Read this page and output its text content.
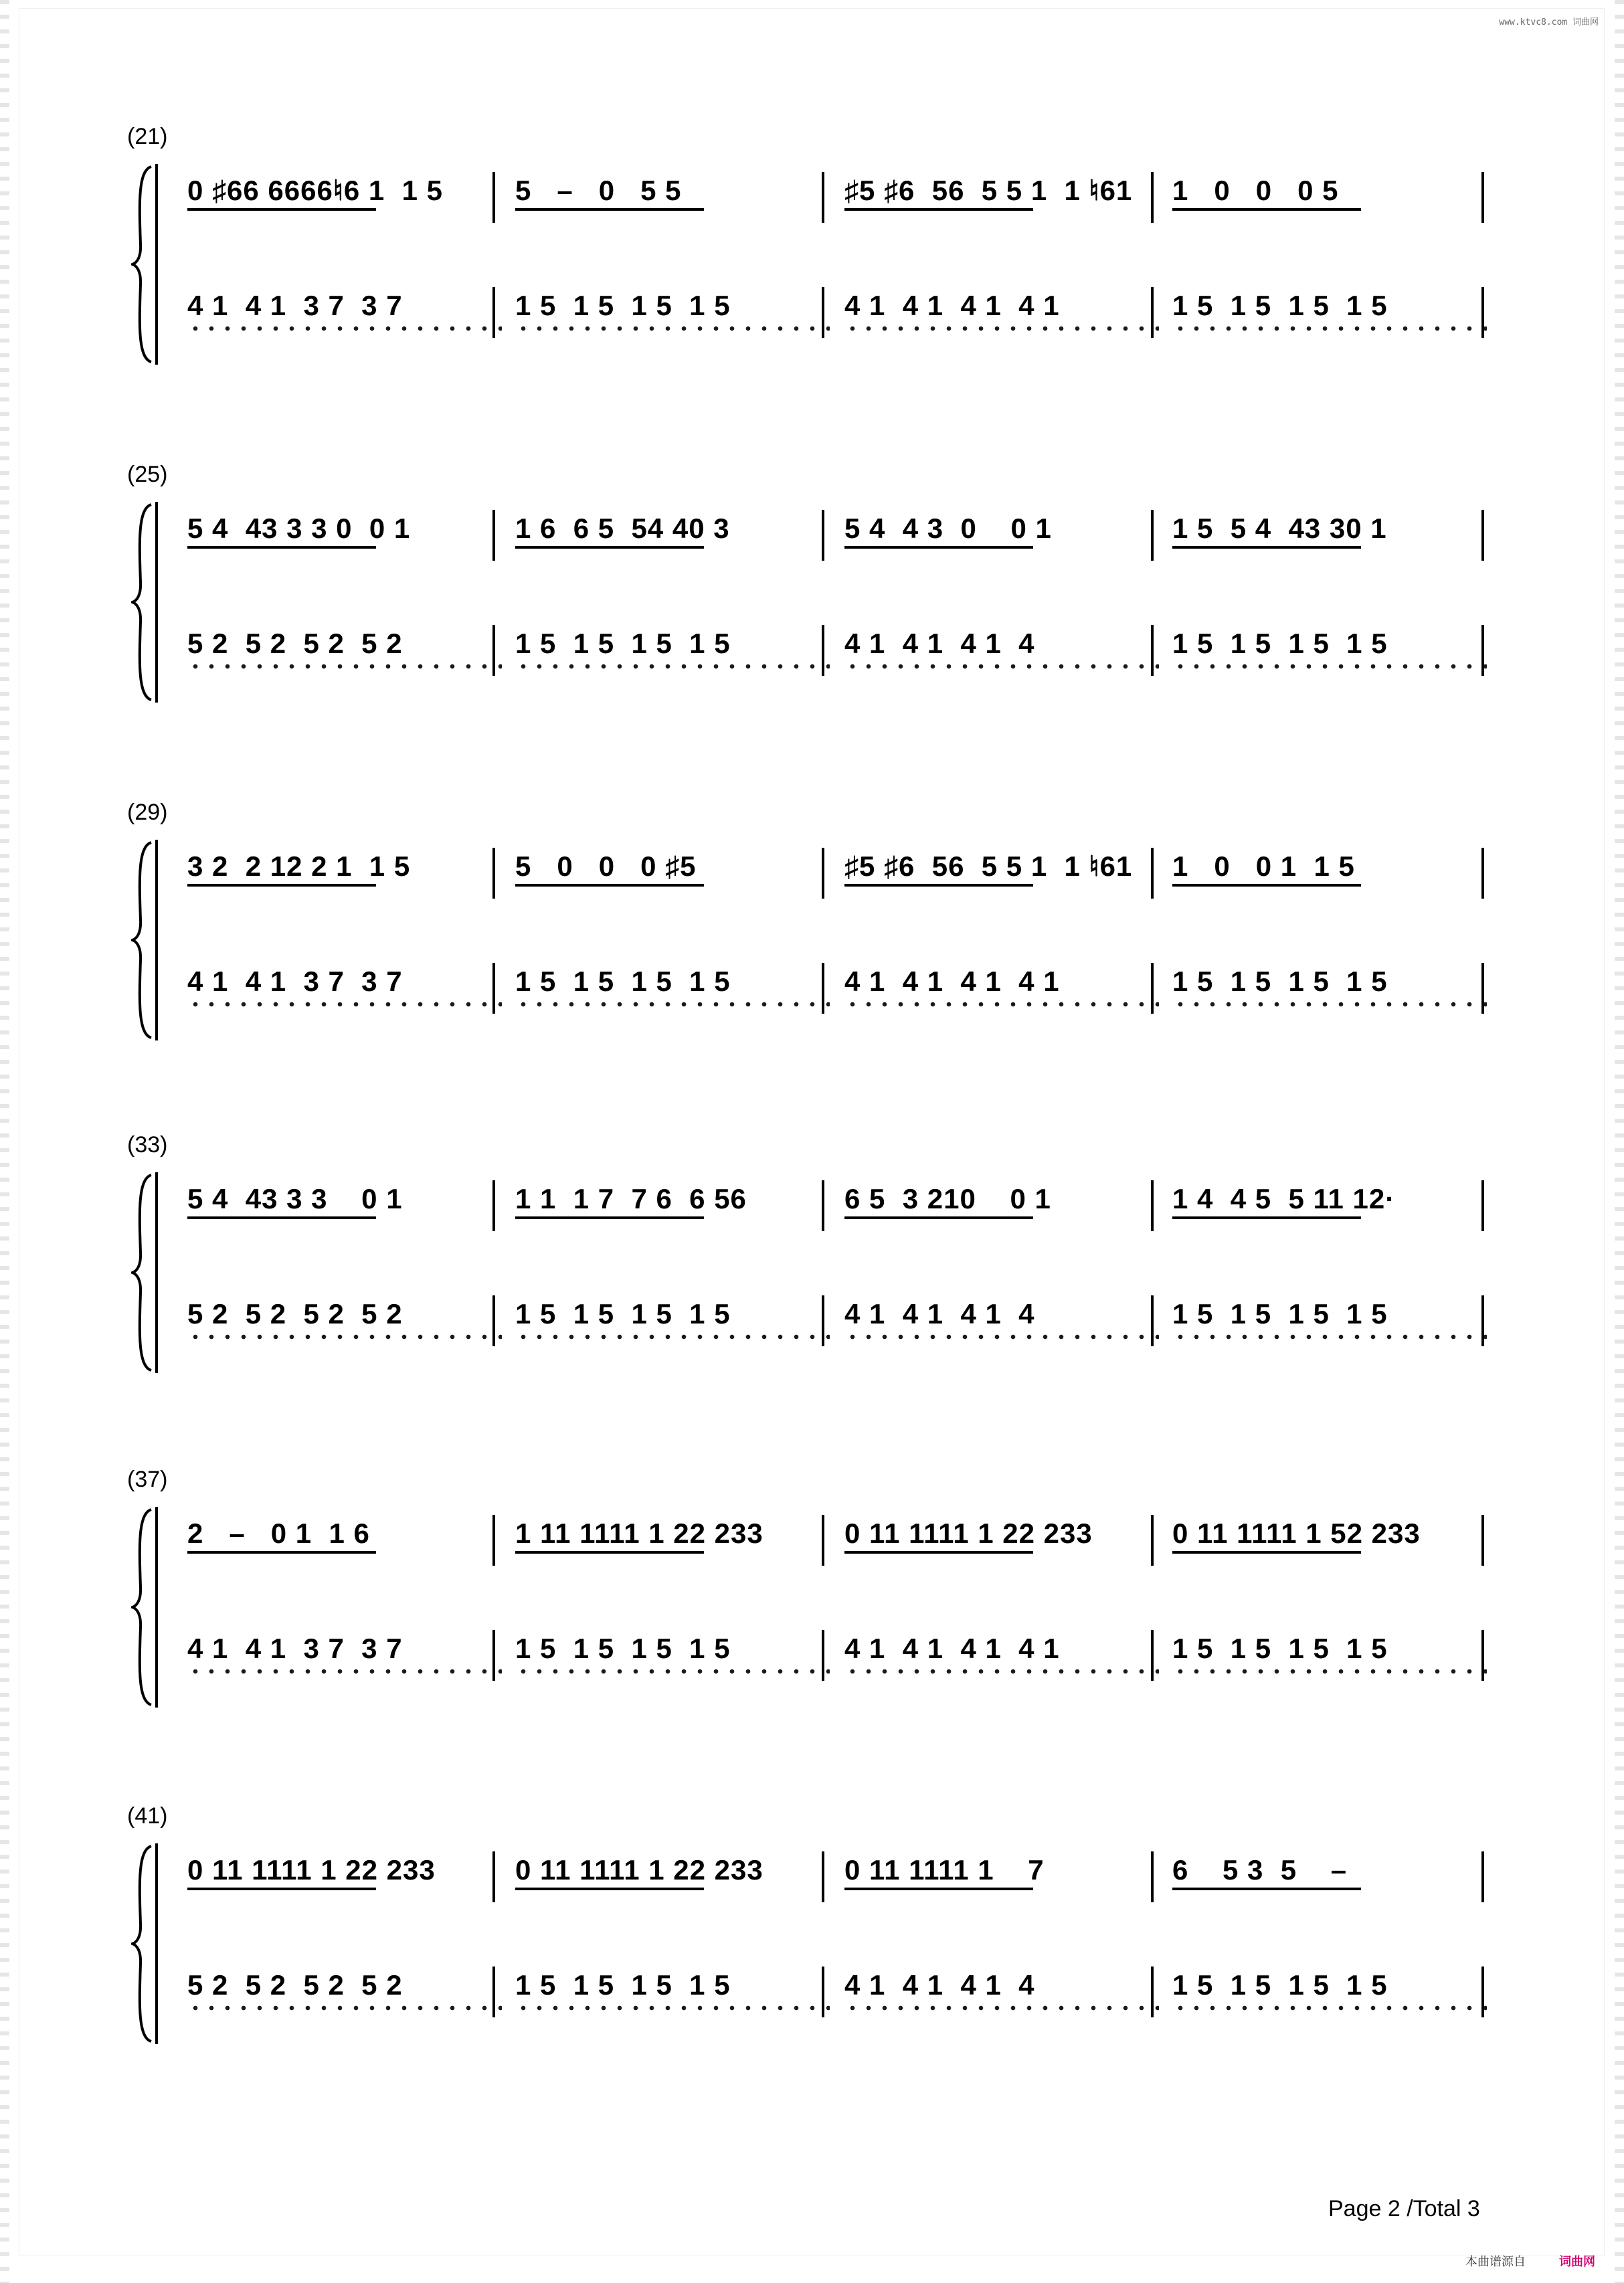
www.ktvc8.com 词曲网
(21)
0 ♯66 6666♮6 1  1 5	5   –   0   5 5	♯5 ♯6  56  5 5 1  1 ♮61	1   0   0   0 5
4 1  4 1  3 7  3 7	1 5  1 5  1 5  1 5	4 1  4 1  4 1  4 1	1 5  1 5  1 5  1 5
(25)
5 4  43 3 3 0  0 1	1 6  6 5  54 40 3	5 4  4 3  0    0 1	1 5  5 4  43 30 1
5 2  5 2  5 2  5 2	1 5  1 5  1 5  1 5	4 1  4 1  4 1  4	1 5  1 5  1 5  1 5
(29)
3 2  2 12 2 1  1 5	5   0   0   0 ♯5	♯5 ♯6  56  5 5 1  1 ♮61	1   0   0 1  1 5
4 1  4 1  3 7  3 7	1 5  1 5  1 5  1 5	4 1  4 1  4 1  4 1	1 5  1 5  1 5  1 5
(33)
5 4  43 3 3    0 1	1 1  1 7  7 6  6 56	6 5  3 210    0 1	1 4  4 5  5 11 12·
5 2  5 2  5 2  5 2	1 5  1 5  1 5  1 5	4 1  4 1  4 1  4	1 5  1 5  1 5  1 5
(37)
2   –   0 1  1 6	1 11 1111 1 22 233	0 11 1111 1 22 233	0 11 1111 1 52 233
4 1  4 1  3 7  3 7	1 5  1 5  1 5  1 5	4 1  4 1  4 1  4 1	1 5  1 5  1 5  1 5
(41)
0 11 1111 1 22 233	0 11 1111 1 22 233	0 11 1111 1    7	6    5 3  5    –
5 2  5 2  5 2  5 2	1 5  1 5  1 5  1 5	4 1  4 1  4 1  4	1 5  1 5  1 5  1 5
Page 2 /Total 3
本曲谱源自	词曲网
